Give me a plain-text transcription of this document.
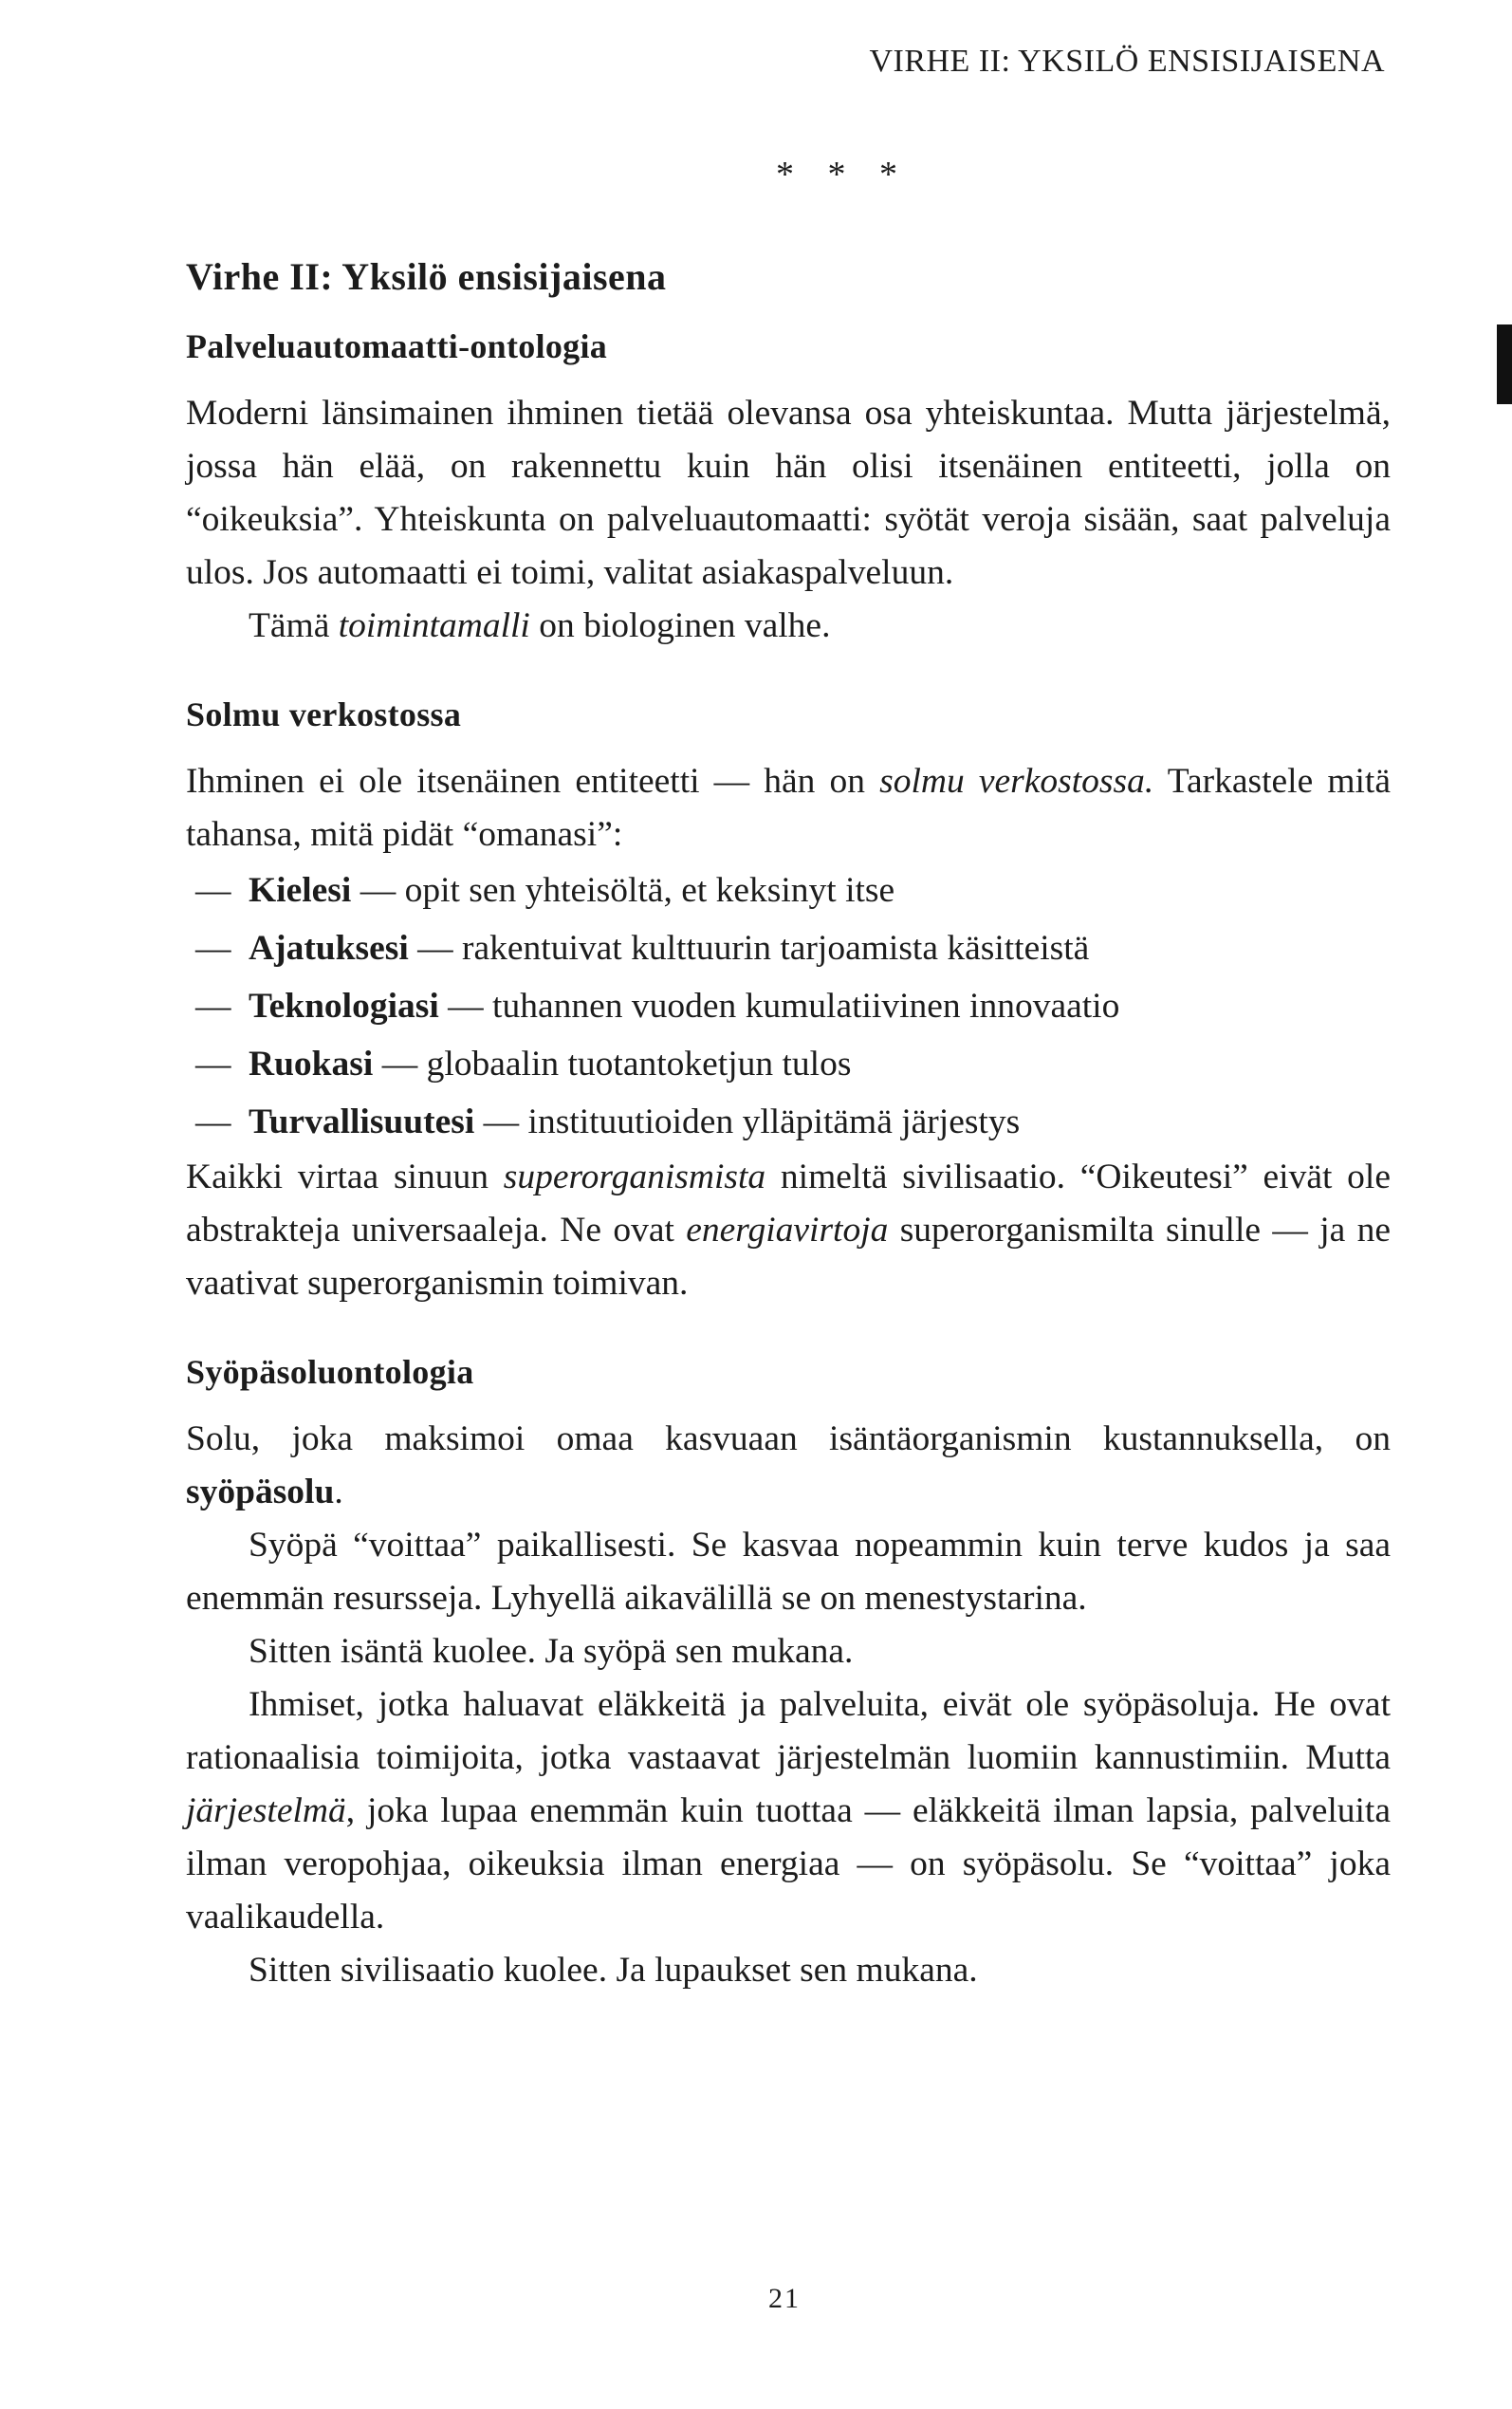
VIRHE II: YKSILÖ ENSISIJAISENA
* * *
Virhe II: Yksilö ensisijaisena
Palveluautomaatti-ontologia

Moderni länsimainen ihminen tietää olevansa osa yhteiskuntaa. Mutta järjestelmä, jossa hän elää, on rakennettu kuin hän olisi itsenäinen entiteetti, jolla on “oikeuksia”. Yhteiskunta on palveluautomaatti: syötät veroja sisään, saat palveluja ulos. Jos automaatti ei toimi, valitat asiakaspalveluun.

Tämä toimintamalli on biologinen valhe.

Solmu verkostossa

Ihminen ei ole itsenäinen entiteetti — hän on solmu verkostossa. Tarkastele mitä tahansa, mitä pidät “omanasi”:

— Kielesi — opit sen yhteisöltä, et keksinyt itse
— Ajatuksesi — rakentuivat kulttuurin tarjoamista käsitteistä
— Teknologiasi — tuhannen vuoden kumulatiivinen innovaatio
— Ruokasi — globaalin tuotantoketjun tulos
— Turvallisuutesi — instituutioiden ylläpitämä järjestys

Kaikki virtaa sinuun superorganismista nimeltä sivilisaatio. “Oikeutesi” eivät ole abstrakteja universaaleja. Ne ovat energiavirtoja superorganismilta sinulle — ja ne vaativat superorganismin toimivan.

Syöpäsoluontologia

Solu, joka maksimoi omaa kasvuaan isäntäorganismin kustannuksella, on syöpäsolu.

Syöpä “voittaa” paikallisesti. Se kasvaa nopeammin kuin terve kudos ja saa enemmän resursseja. Lyhyellä aikavälillä se on menestystarina.

Sitten isäntä kuolee. Ja syöpä sen mukana.

Ihmiset, jotka haluavat eläkkeitä ja palveluita, eivät ole syöpäsoluja. He ovat rationaalisia toimijoita, jotka vastaavat järjestelmän luomiin kannustimiin. Mutta järjestelmä, joka lupaa enemmän kuin tuottaa — eläkkeitä ilman lapsia, palveluita ilman veropohjaa, oikeuksia ilman energiaa — on syöpäsolu. Se “voittaa” joka vaalikaudella.

Sitten sivilisaatio kuolee. Ja lupaukset sen mukana.

21
